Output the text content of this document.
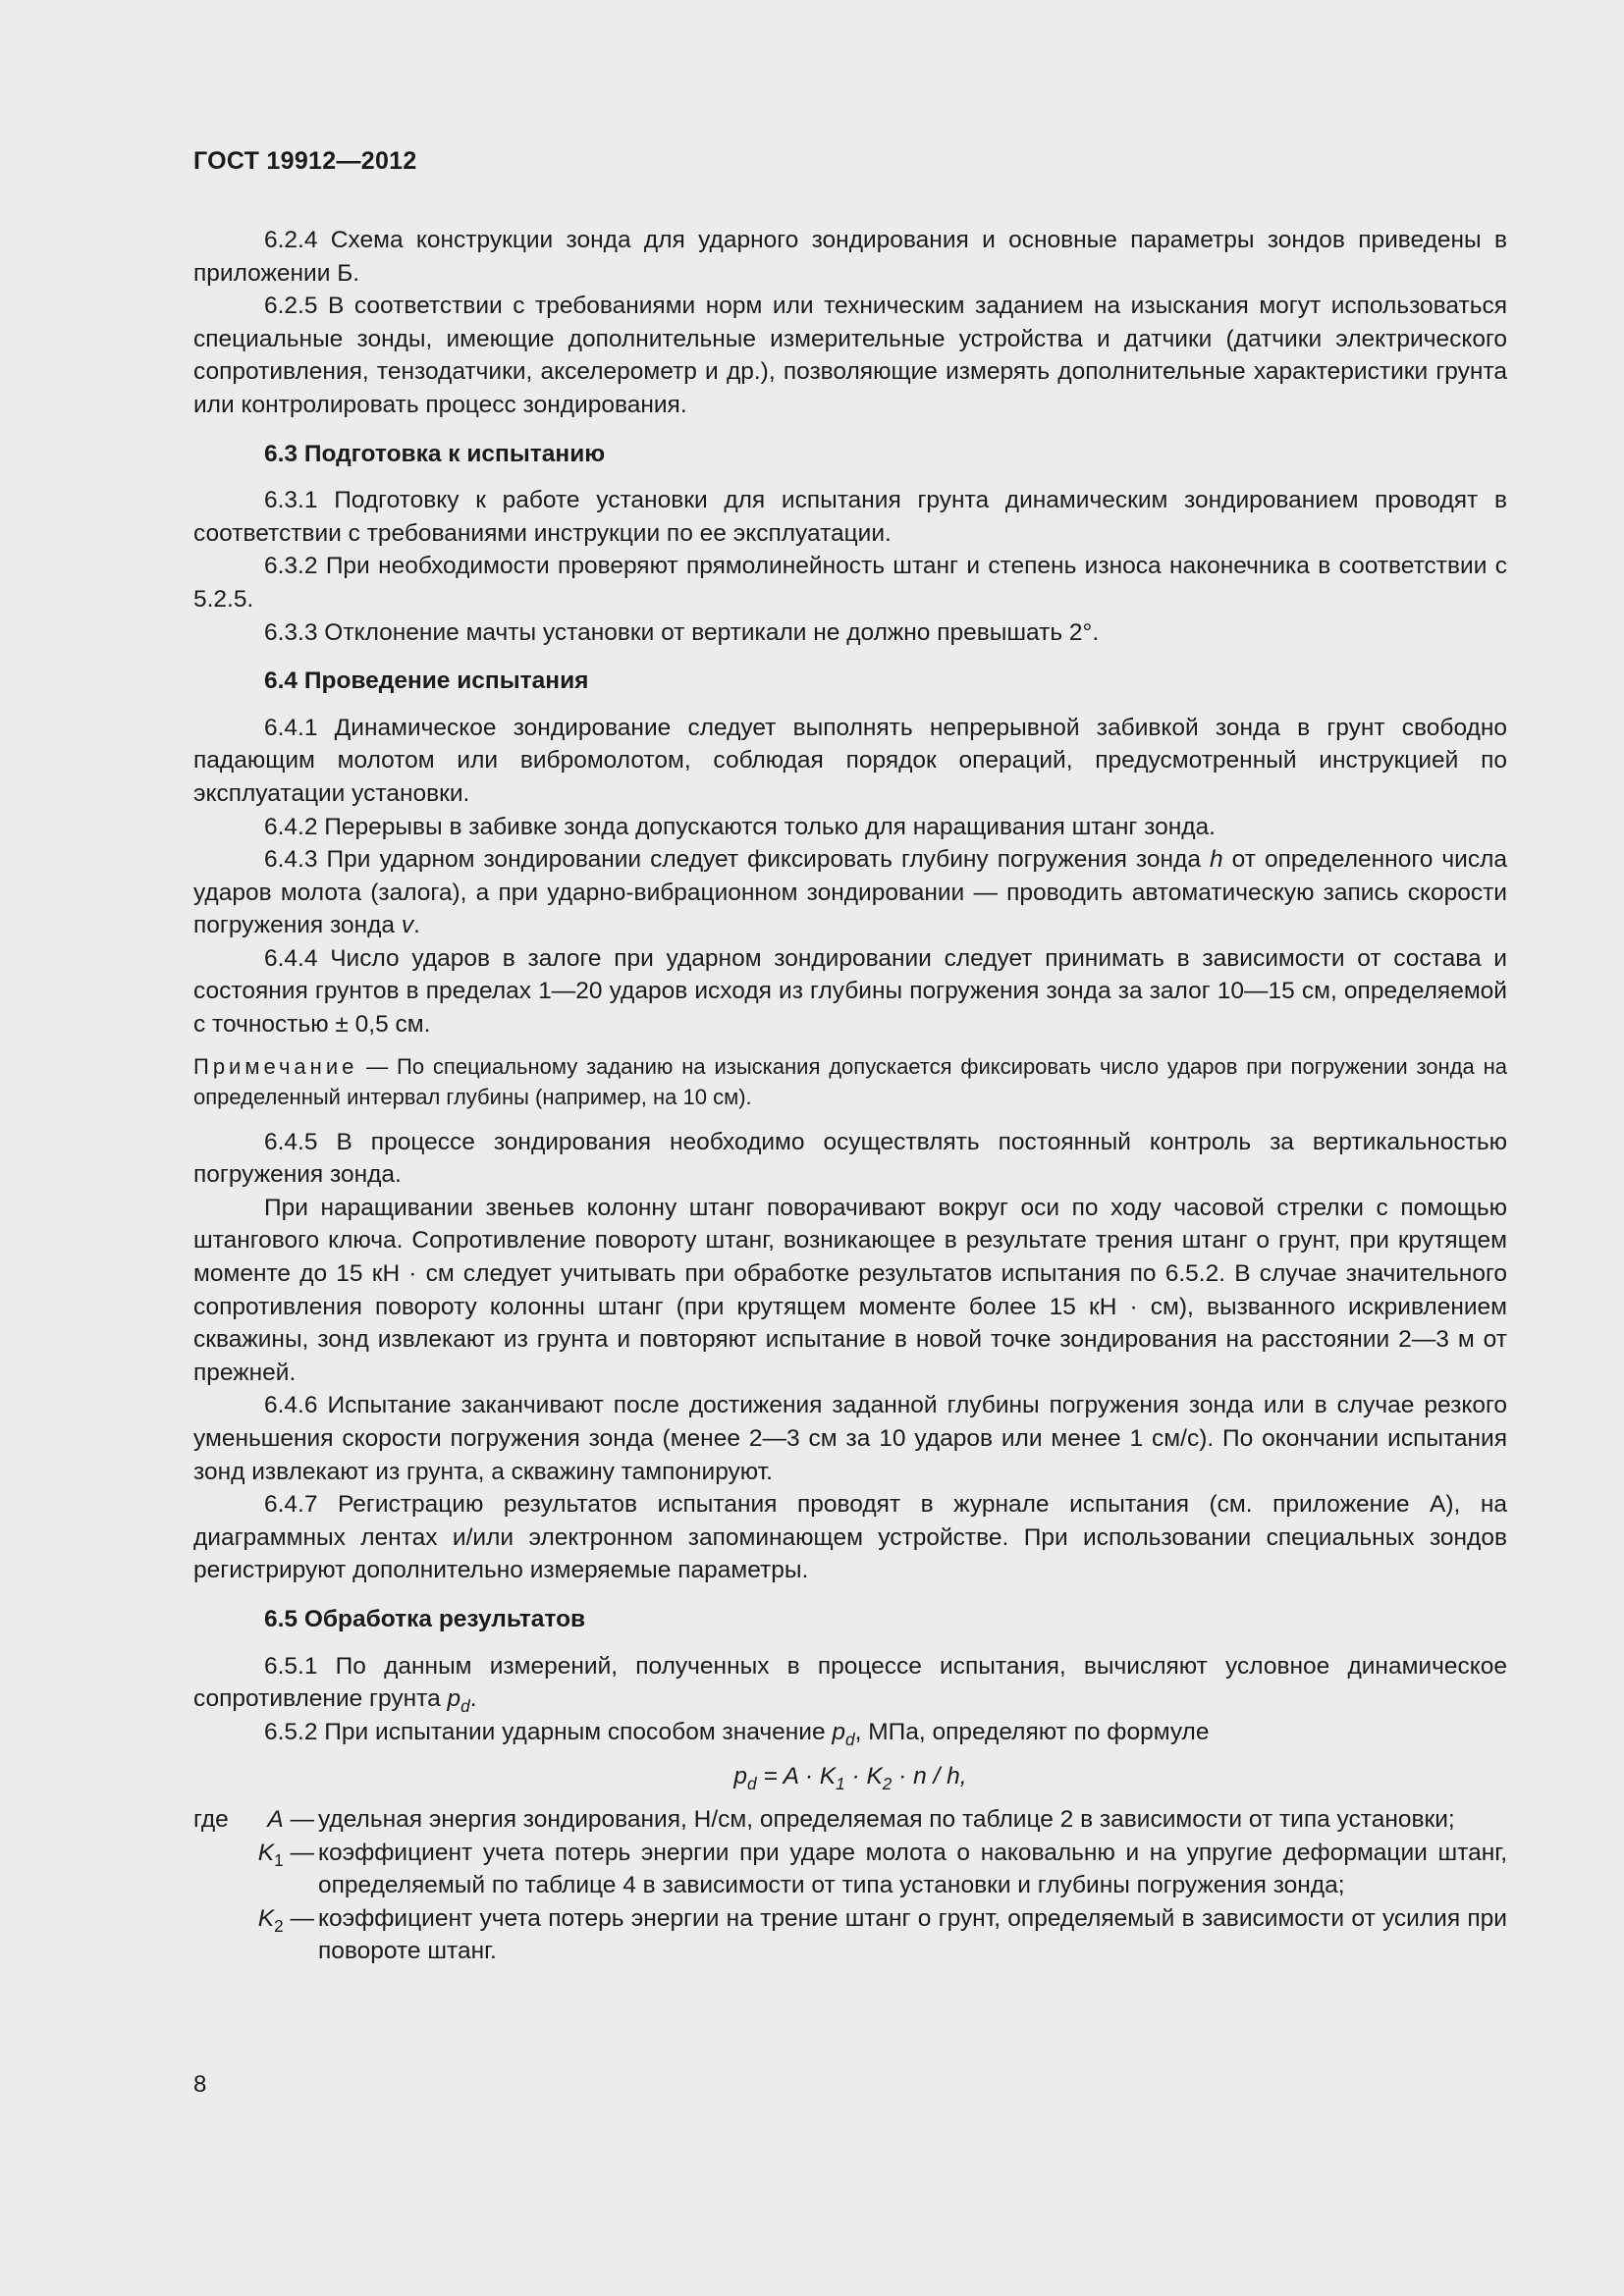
ГОСТ 19912—2012

6.2.4 Схема конструкции зонда для ударного зондирования и основные параметры зондов приведены в приложении Б.

6.2.5 В соответствии с требованиями норм или техническим заданием на изыскания могут использоваться специальные зонды, имеющие дополнительные измерительные устройства и датчики (датчики электрического сопротивления, тензодатчики, акселерометр и др.), позволяющие измерять дополнительные характеристики грунта или контролировать процесс зондирования.

6.3 Подготовка к испытанию

6.3.1 Подготовку к работе установки для испытания грунта динамическим зондированием проводят в соответствии с требованиями инструкции по ее эксплуатации.

6.3.2 При необходимости проверяют прямолинейность штанг и степень износа наконечника в соответствии с 5.2.5.

6.3.3 Отклонение мачты установки от вертикали не должно превышать 2°.

6.4 Проведение испытания

6.4.1 Динамическое зондирование следует выполнять непрерывной забивкой зонда в грунт свободно падающим молотом или вибромолотом, соблюдая порядок операций, предусмотренный инструкцией по эксплуатации установки.

6.4.2 Перерывы в забивке зонда допускаются только для наращивания штанг зонда.

6.4.3 При ударном зондировании следует фиксировать глубину погружения зонда h от определенного числа ударов молота (залога), а при ударно-вибрационном зондировании — проводить автоматическую запись скорости погружения зонда v.

6.4.4 Число ударов в залоге при ударном зондировании следует принимать в зависимости от состава и состояния грунтов в пределах 1—20 ударов исходя из глубины погружения зонда за залог 10—15 см, определяемой с точностью ± 0,5 см.

Примечание — По специальному заданию на изыскания допускается фиксировать число ударов при погружении зонда на определенный интервал глубины (например, на 10 см).

6.4.5 В процессе зондирования необходимо осуществлять постоянный контроль за вертикальностью погружения зонда.

При наращивании звеньев колонну штанг поворачивают вокруг оси по ходу часовой стрелки с помощью штангового ключа. Сопротивление повороту штанг, возникающее в результате трения штанг о грунт, при крутящем моменте до 15 кН · см следует учитывать при обработке результатов испытания по 6.5.2. В случае значительного сопротивления повороту колонны штанг (при крутящем моменте более 15 кН · см), вызванного искривлением скважины, зонд извлекают из грунта и повторяют испытание в новой точке зондирования на расстоянии 2—3 м от прежней.

6.4.6 Испытание заканчивают после достижения заданной глубины погружения зонда или в случае резкого уменьшения скорости погружения зонда (менее 2—3 см за 10 ударов или менее 1 см/с). По окончании испытания зонд извлекают из грунта, а скважину тампонируют.

6.4.7 Регистрацию результатов испытания проводят в журнале испытания (см. приложение А), на диаграммных лентах и/или электронном запоминающем устройстве. При использовании специальных зондов регистрируют дополнительно измеряемые параметры.

6.5 Обработка результатов

6.5.1 По данным измерений, полученных в процессе испытания, вычисляют условное динамическое сопротивление грунта $p_d$.

6.5.2 При испытании ударным способом значение $p_d$, МПа, определяют по формуле

$p_d = A \cdot K_1 \cdot K_2 \cdot n / h$,
где A — удельная энергия зондирования, Н/см, определяемая по таблице 2 в зависимости от типа установки;
$K_1$ — коэффициент учета потерь энергии при ударе молота о наковальню и на упругие деформации штанг, определяемый по таблице 4 в зависимости от типа установки и глубины погружения зонда;
$K_2$ — коэффициент учета потерь энергии на трение штанг о грунт, определяемый в зависимости от усилия при повороте штанг.
8
